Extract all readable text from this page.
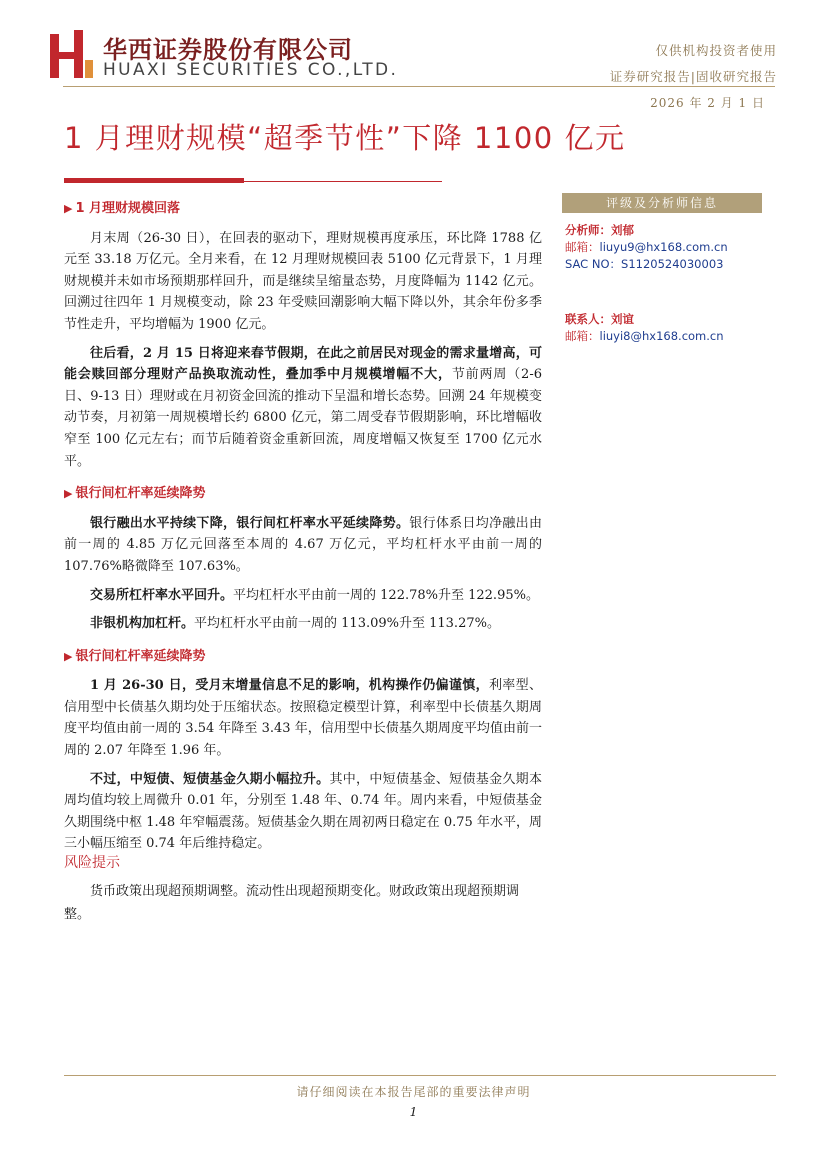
华西证券股份有限公司
HUAXI SECURITIES CO.,LTD.
仅供机构投资者使用
证券研究报告|固收研究报告
2026 年 2 月 1 日
1 月理财规模“超季节性”下降 1100 亿元
▶ 1 月理财规模回落

月末周（26-30 日），在回表的驱动下，理财规模再度承压，环比降 1788 亿元至 33.18 万亿元。全月来看，在 12 月理财规模回表 5100 亿元背景下，1 月理财规模并未如市场预期那样回升，而是继续呈缩量态势，月度降幅为 1142 亿元。回溯过往四年 1 月规模变动，除 23 年受赎回潮影响大幅下降以外，其余年份多季节性走升，平均增幅为 1900 亿元。

往后看，2 月 15 日将迎来春节假期，在此之前居民对现金的需求量增高，可能会赎回部分理财产品换取流动性，叠加季中月规模增幅不大，节前两周（2-6 日、9-13 日）理财或在月初资金回流的推动下呈温和增长态势。回溯 24 年规模变动节奏，月初第一周规模增长约 6800 亿元，第二周受春节假期影响，环比增幅收窄至 100 亿元左右；而节后随着资金重新回流，周度增幅又恢复至 1700 亿元水平。

▶ 银行间杠杆率延续降势

银行融出水平持续下降，银行间杠杆率水平延续降势。银行体系日均净融出由前一周的 4.85 万亿元回落至本周的 4.67 万亿元，平均杠杆水平由前一周的 107.76%略微降至 107.63%。

交易所杠杆率水平回升。平均杠杆水平由前一周的 122.78%升至 122.95%。

非银机构加杠杆。平均杠杆水平由前一周的 113.09%升至 113.27%。

▶ 银行间杠杆率延续降势

1 月 26-30 日，受月末增量信息不足的影响，机构操作仍偏谨慎，利率型、信用型中长债基久期均处于压缩状态。按照稳定模型计算，利率型中长债基久期周度平均值由前一周的 3.54 年降至 3.43 年，信用型中长债基久期周度平均值由前一周的 2.07 年降至 1.96 年。

不过，中短债、短债基金久期小幅拉升。其中，中短债基金、短债基金久期本周均值均较上周微升 0.01 年，分别至 1.48 年、0.74 年。周内来看，中短债基金久期围绕中枢 1.48 年窄幅震荡。短债基金久期在周初两日稳定在 0.75 年水平，周三小幅压缩至 0.74 年后维持稳定。

风险提示
货币政策出现超预期调整。流动性出现超预期变化。财政政策出现超预期调整。
评级及分析师信息
分析师：刘郁
邮箱：liuyu9@hx168.com.cn
SAC NO：S1120524030003
联系人：刘谊
邮箱：liuyi8@hx168.com.cn
请仔细阅读在本报告尾部的重要法律声明
1
